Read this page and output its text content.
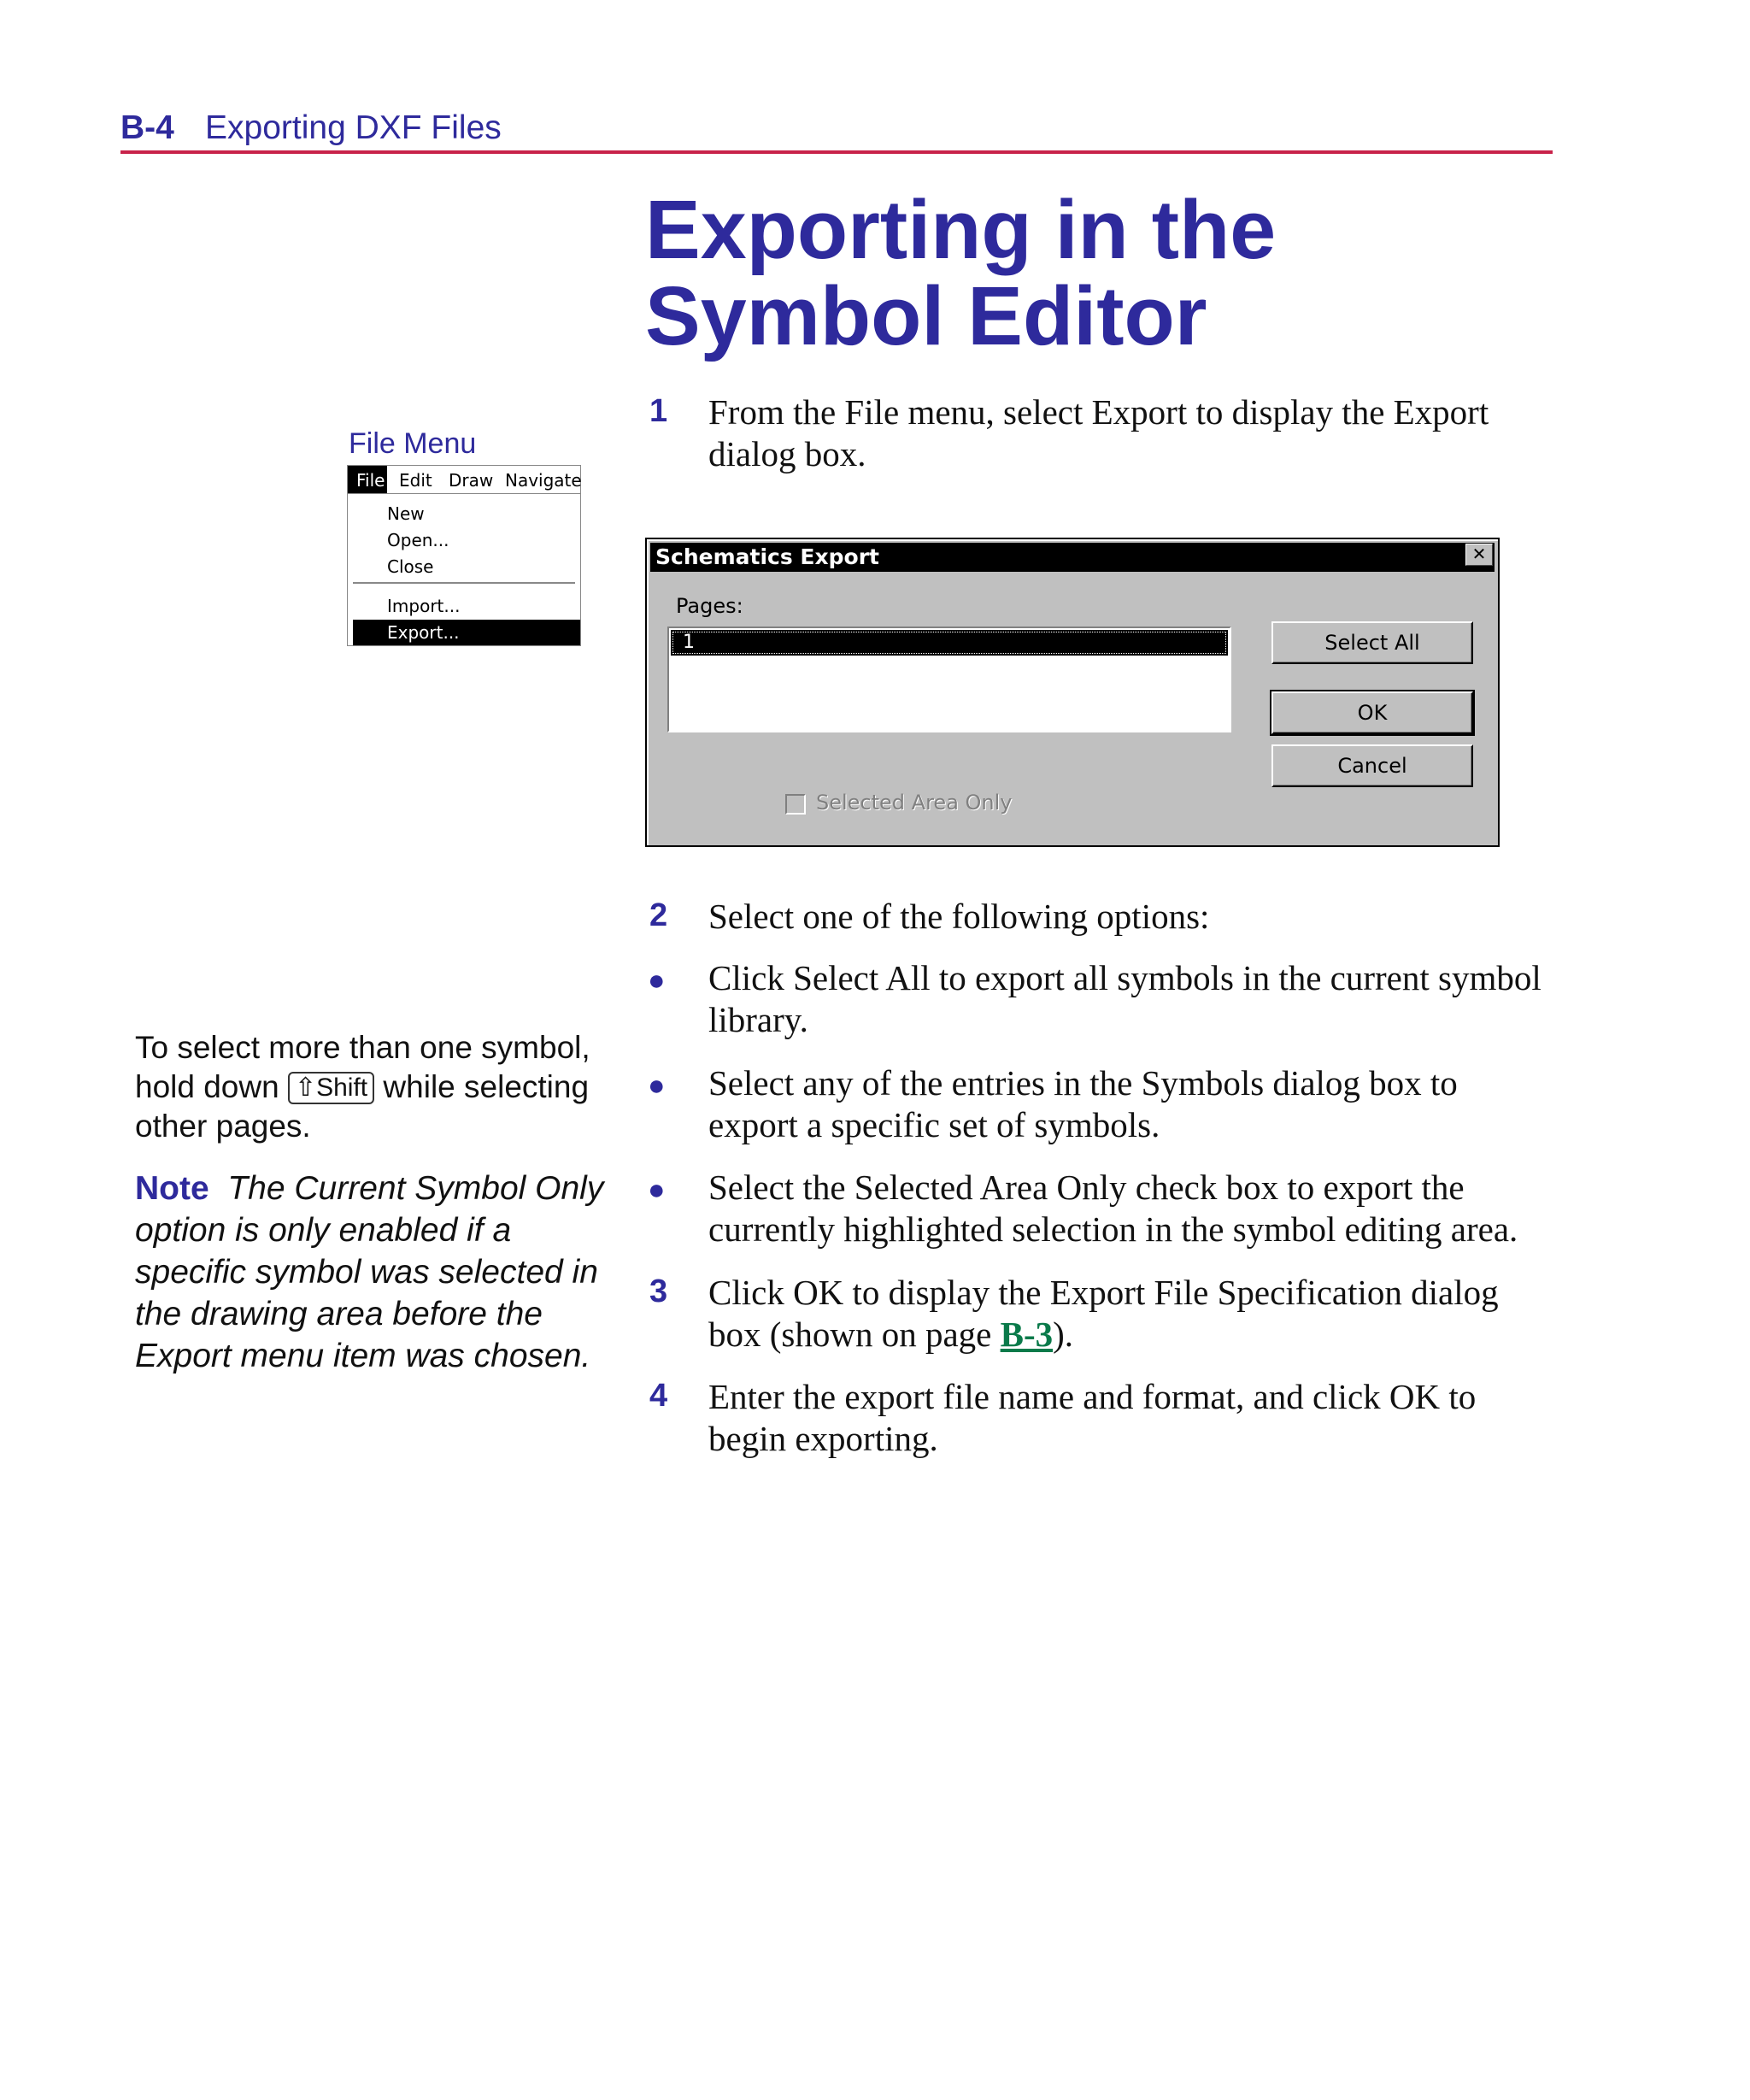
B-4 Exporting DXF Files
Exporting in the Symbol Editor
File Menu
File Edit Draw Navigate
New
Open...
Close
Import...
Export...
1 From the File menu, select Export to display the Export dialog box.
Schematics Export	✕
Pages:
1	Select All
OK
Cancel
Selected Area Only
2 Select one of the following options:
● Click Select All to export all symbols in the current symbol library.
● Select any of the entries in the Symbols dialog box to export a specific set of symbols.
● Select the Selected Area Only check box to export the currently highlighted selection in the symbol editing area.
3 Click OK to display the Export File Specification dialog box (shown on page B-3).
4 Enter the export file name and format, and click OK to begin exporting.
To select more than one symbol, hold down ⇧Shift while selecting other pages.
Note The Current Symbol Only option is only enabled if a specific symbol was selected in the drawing area before the Export menu item was chosen.
